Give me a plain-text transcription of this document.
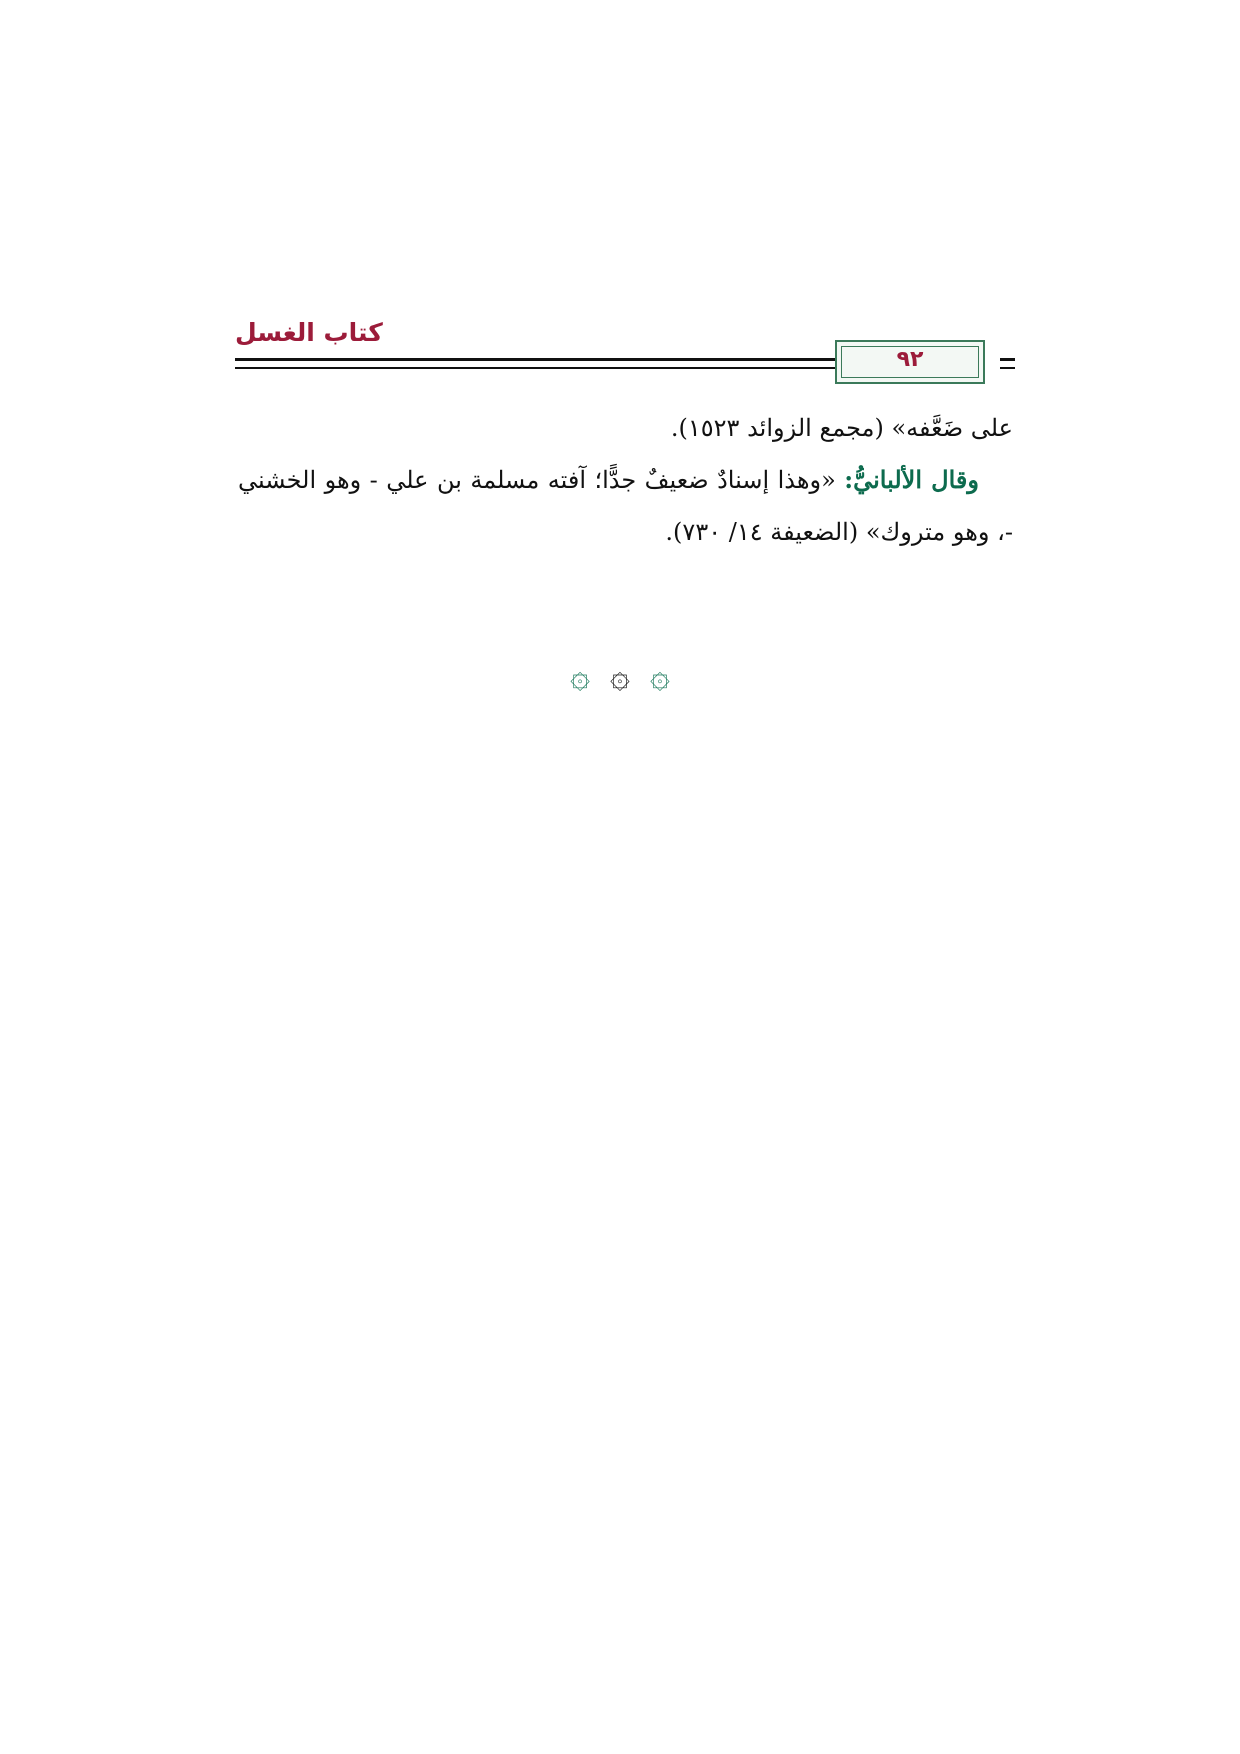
كتاب الغسل
٩٢

على ضَعَّفه» (مجمع الزوائد ١٥٢٣).

وقال الألبانيُّ: «وهذا إسنادٌ ضعيفٌ جدًّا؛ آفته مسلمة بن علي - وهو الخشني -، وهو متروك» (الضعيفة ١٤/ ٧٣٠).

۞ ۞ ۞
